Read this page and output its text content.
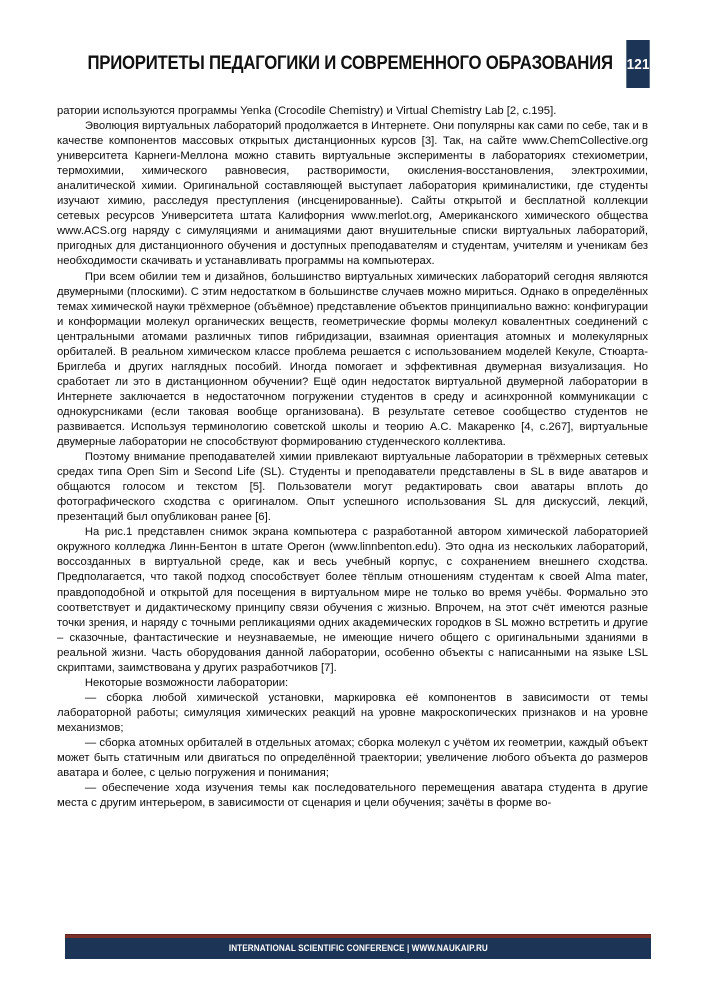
ПРИОРИТЕТЫ ПЕДАГОГИКИ И СОВРЕМЕННОГО ОБРАЗОВАНИЯ 121

ратории используются программы Yenka (Crocodile Chemistry) и Virtual Chemistry Lab [2, с.195].

Эволюция виртуальных лабораторий продолжается в Интернете. Они популярны как сами по себе, так и в качестве компонентов массовых открытых дистанционных курсов [3]. Так, на сайте www.ChemCollective.org университета Карнеги-Меллона можно ставить виртуальные эксперименты в лабораториях стехиометрии, термохимии, химического равновесия, растворимости, окисления-восстановления, электрохимии, аналитической химии. Оригинальной составляющей выступает лаборатория криминалистики, где студенты изучают химию, расследуя преступления (инсценированные). Сайты открытой и бесплатной коллекции сетевых ресурсов Университета штата Калифорния www.merlot.org, Американского химического общества www.ACS.org наряду с симуляциями и анимациями дают внушительные списки виртуальных лабораторий, пригодных для дистанционного обучения и доступных преподавателям и студентам, учителям и ученикам без необходимости скачивать и устанавливать программы на компьютерах.

При всем обилии тем и дизайнов, большинство виртуальных химических лабораторий сегодня являются двумерными (плоскими). С этим недостатком в большинстве случаев можно мириться. Однако в определённых темах химической науки трёхмерное (объёмное) представление объектов принципиально важно: конфигурации и конформации молекул органических веществ, геометрические формы молекул ковалентных соединений с центральными атомами различных типов гибридизации, взаимная ориентация атомных и молекулярных орбиталей. В реальном химическом классе проблема решается с использованием моделей Кекуле, Стюарта-Бриглеба и других наглядных пособий. Иногда помогает и эффективная двумерная визуализация. Но сработает ли это в дистанционном обучении? Ещё один недостаток виртуальной двумерной лаборатории в Интернете заключается в недостаточном погружении студентов в среду и асинхронной коммуникации с однокурсниками (если таковая вообще организована). В результате сетевое сообщество студентов не развивается. Используя терминологию советской школы и теорию А.С. Макаренко [4, с.267], виртуальные двумерные лаборатории не способствуют формированию студенческого коллектива.

Поэтому внимание преподавателей химии привлекают виртуальные лаборатории в трёхмерных сетевых средах типа Open Sim и Second Life (SL). Студенты и преподаватели представлены в SL в виде аватаров и общаются голосом и текстом [5]. Пользователи могут редактировать свои аватары вплоть до фотографического сходства с оригиналом. Опыт успешного использования SL для дискуссий, лекций, презентаций был опубликован ранее [6].

На рис.1 представлен снимок экрана компьютера с разработанной автором химической лабораторией окружного колледжа Линн-Бентон в штате Орегон (www.linnbenton.edu). Это одна из нескольких лабораторий, воссозданных в виртуальной среде, как и весь учебный корпус, с сохранением внешнего сходства. Предполагается, что такой подход способствует более тёплым отношениям студентам к своей Alma mater, правдоподобной и открытой для посещения в виртуальном мире не только во время учёбы. Формально это соответствует и дидактическому принципу связи обучения с жизнью. Впрочем, на этот счёт имеются разные точки зрения, и наряду с точными репликациями одних академических городков в SL можно встретить и другие – сказочные, фантастические и неузнаваемые, не имеющие ничего общего с оригинальными зданиями в реальной жизни. Часть оборудования данной лаборатории, особенно объекты с написанными на языке LSL скриптами, заимствована у других разработчиков [7].

Некоторые возможности лаборатории:

— сборка любой химической установки, маркировка её компонентов в зависимости от темы лабораторной работы; симуляция химических реакций на уровне макроскопических признаков и на уровне механизмов;

— сборка атомных орбиталей в отдельных атомах; сборка молекул с учётом их геометрии, каждый объект может быть статичным или двигаться по определённой траектории; увеличение любого объекта до размеров аватара и более, с целью погружения и понимания;

— обеспечение хода изучения темы как последовательного перемещения аватара студента в другие места с другим интерьером, в зависимости от сценария и цели обучения; зачёты в форме во-

INTERNATIONAL SCIENTIFIC CONFERENCE | WWW.NAUKAIP.RU
